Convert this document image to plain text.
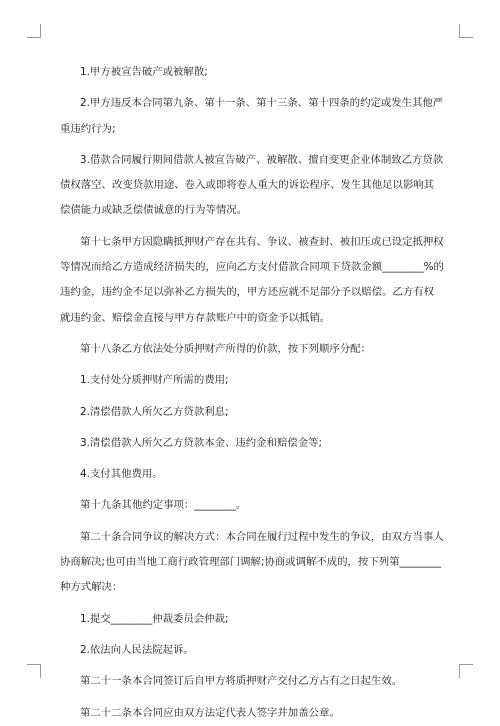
1.甲方被宣告破产或被解散;

2.甲方违反本合同第九条、第十一条、第十三条、第十四条的约定或发生其他严重违约行为;

3.借款合同履行期间借款人被宣告破产、被解散、擅自变更企业体制致乙方贷款债权落空、改变贷款用途、卷入或即将卷人重大的诉讼程序、发生其他足以影响其偿债能力或缺乏偿债诚意的行为等情况。

第十七条甲方因隐瞒抵押财产存在共有、争议、被查封、被扣压或已设定抵押权等情况而给乙方造成经济损失的，应向乙方支付借款合同项下贷款金额________%的违约金，违约金不足以弥补乙方损失的，甲方还应就不足部分予以赔偿。乙方有权就违约金、赔偿金直接与甲方存款账户中的资金予以抵销。

第十八条乙方依法处分质押财产所得的价款，按下列顺序分配：

1.支付处分质押财产所需的费用;

2.清偿借款人所欠乙方贷款利息;

3.清偿借款人所欠乙方贷款本金、违约金和赔偿金等;

4.支付其他费用。

第十九条其他约定事项：________。

第二十条合同争议的解决方式：本合同在履行过程中发生的争议，由双方当事人协商解决;也可由当地工商行政管理部门调解;协商或调解不成的，按下列第________种方式解决：

1.提交________仲裁委员会仲裁;

2.依法向人民法院起诉。

第二十一条本合同签订后自甲方将质押财产交付乙方占有之日起生效。

第二十二条本合同应由双方法定代表人签字并加盖公章。
